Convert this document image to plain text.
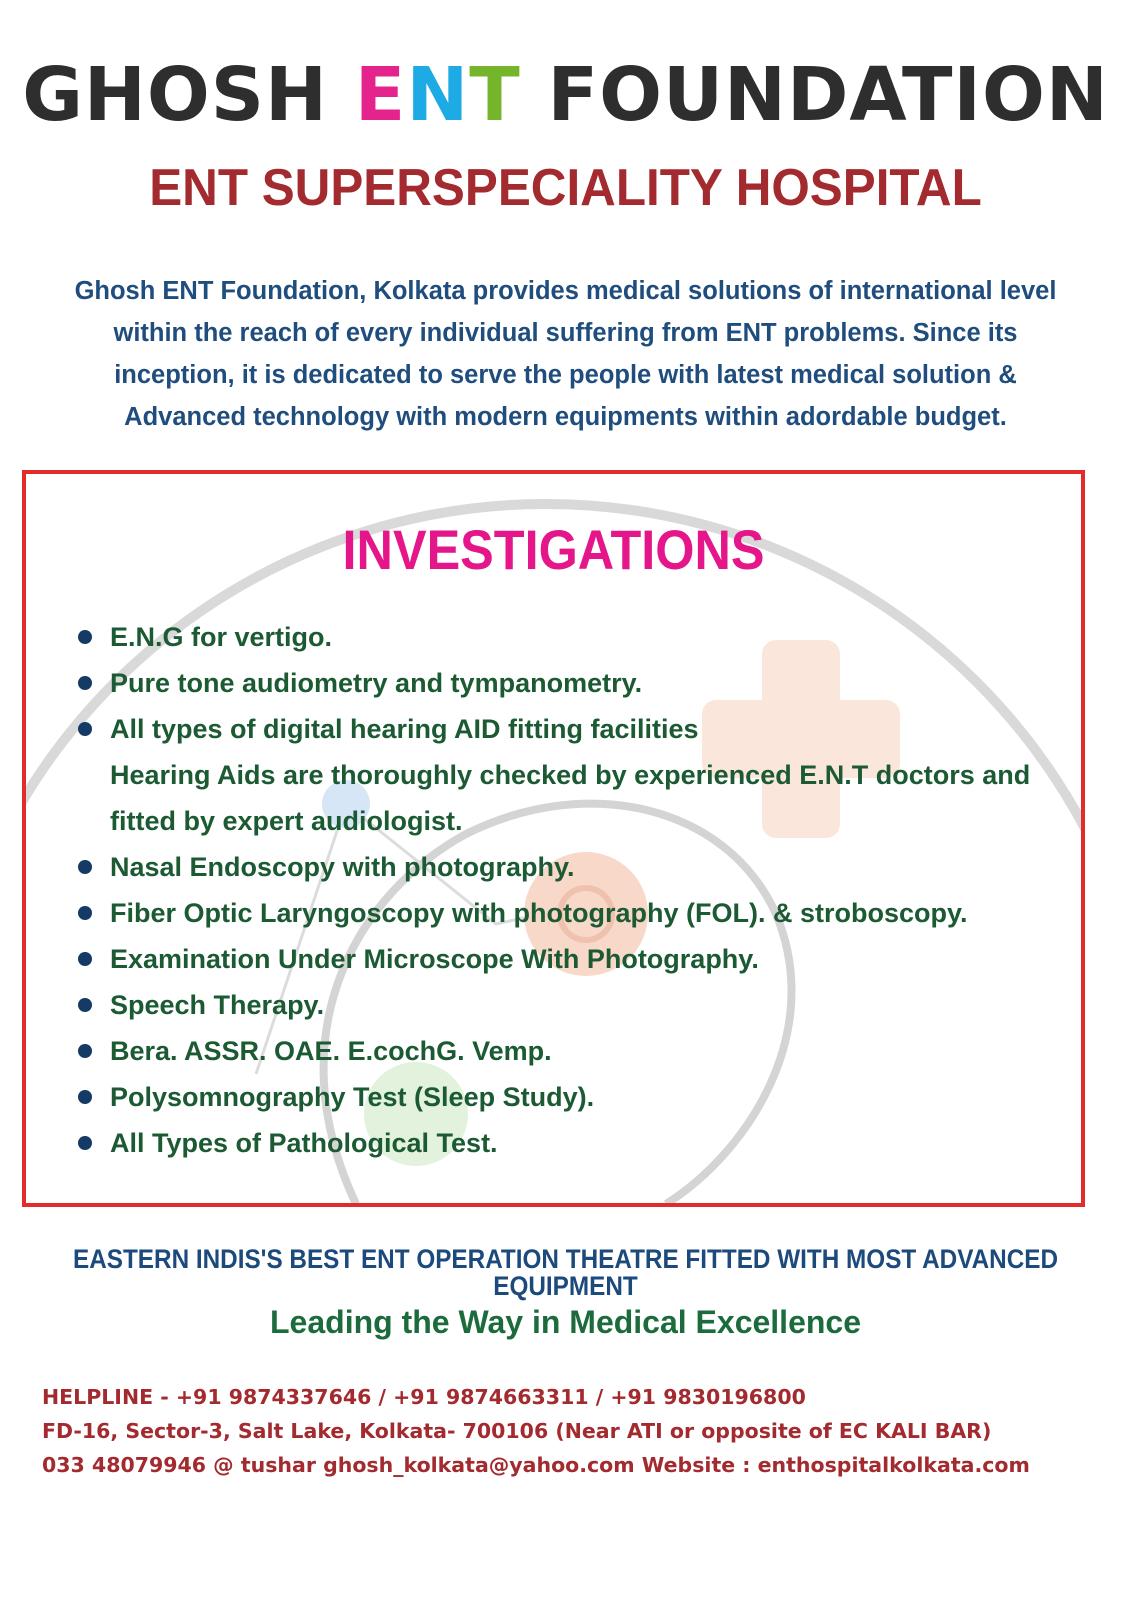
GHOSH ENT FOUNDATION
ENT SUPERSPECIALITY HOSPITAL
Ghosh ENT Foundation, Kolkata provides medical solutions of international level
within the reach of every individual suffering from ENT problems. Since its
inception, it is dedicated to serve the people with latest medical solution &
Advanced technology with modern equipments within adordable budget.
INVESTIGATIONS
E.N.G for vertigo.
Pure tone audiometry and tympanometry.
All types of digital hearing AID fitting facilities
Hearing Aids are thoroughly checked by experienced E.N.T doctors and
fitted by expert audiologist.
Nasal Endoscopy with photography.
Fiber Optic Laryngoscopy with photography (FOL). & stroboscopy.
Examination Under Microscope With Photography.
Speech Therapy.
Bera. ASSR. OAE. E.cochG. Vemp.
Polysomnography Test (Sleep Study).
All Types of Pathological Test.
EASTERN INDIS'S BEST ENT OPERATION THEATRE FITTED WITH MOST ADVANCED EQUIPMENT
Leading the Way in Medical Excellence
HELPLINE - +91 9874337646 / +91 9874663311 / +91 9830196800
FD-16, Sector-3, Salt Lake, Kolkata- 700106 (Near ATI or opposite of EC KALI BAR)
033 48079946 @ tushar ghosh_kolkata@yahoo.com Website : enthospitalkolkata.com
